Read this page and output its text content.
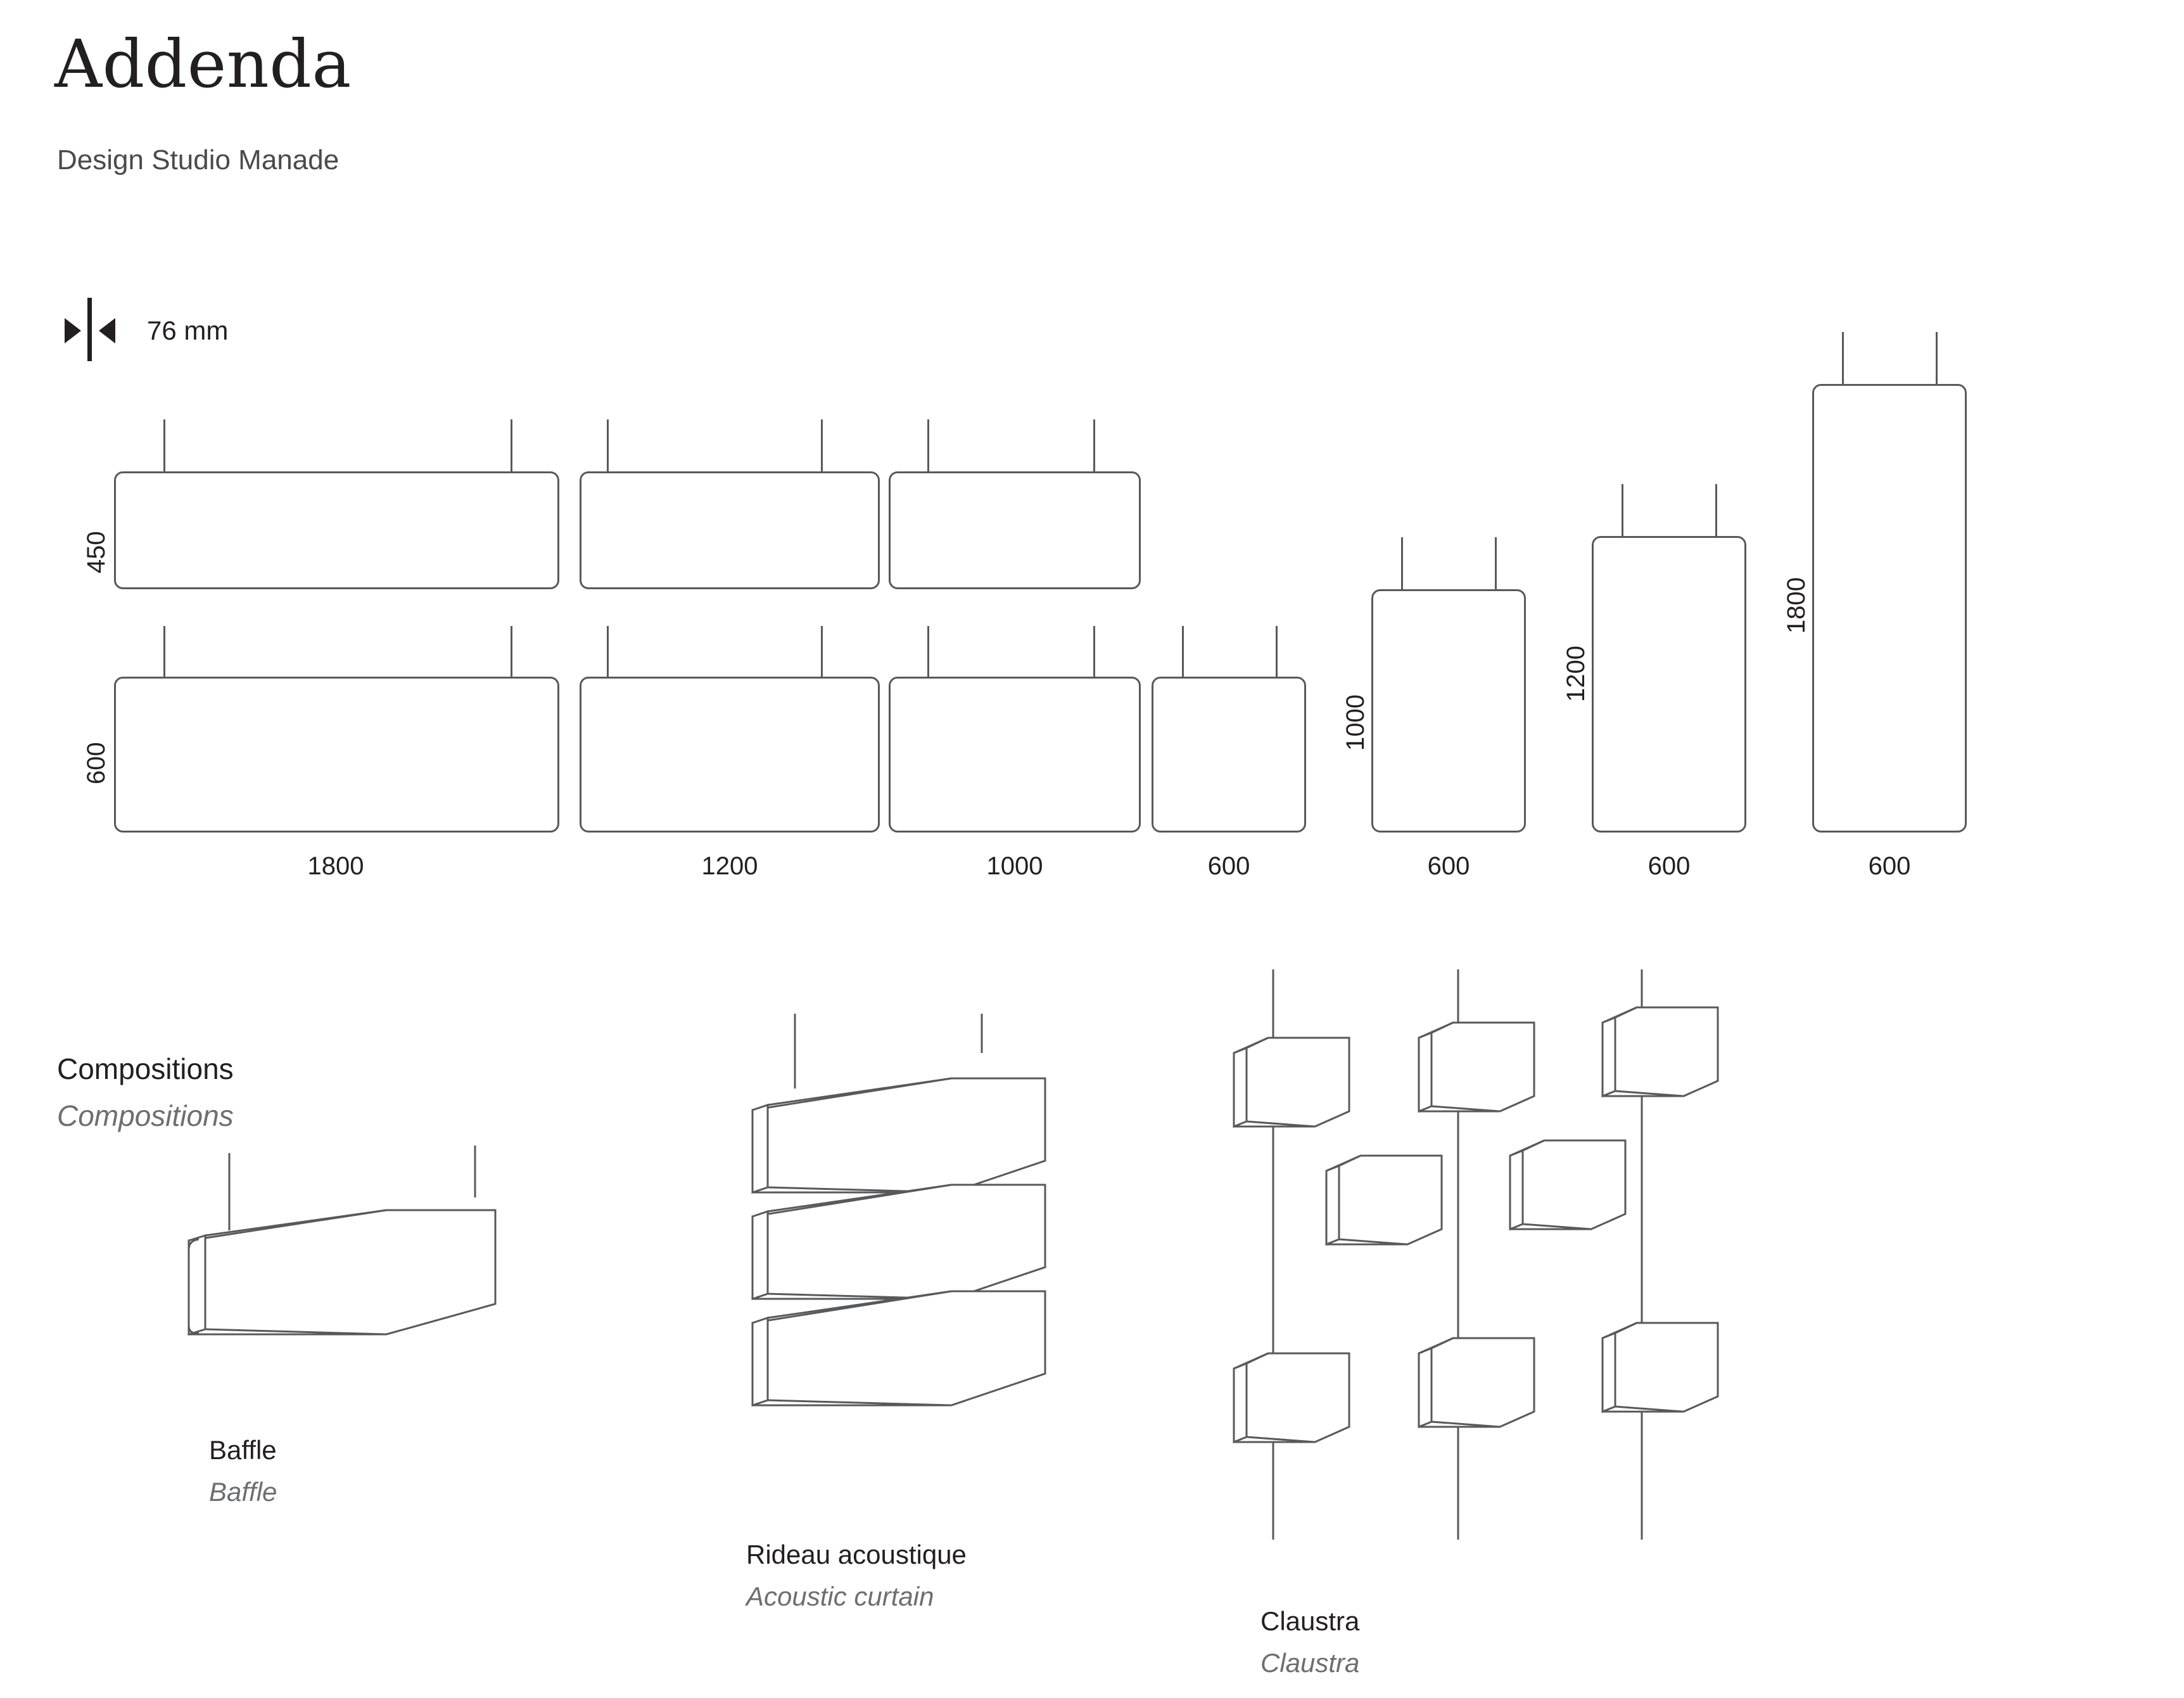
Addenda
Design Studio Manade
76 mm
450
600
1000
1200
1800
1800	1200	1000	600	600	600	600
Compositions
Compositions
Baffle
Baffle
Rideau acoustique
Acoustic curtain
Claustra
Claustra
